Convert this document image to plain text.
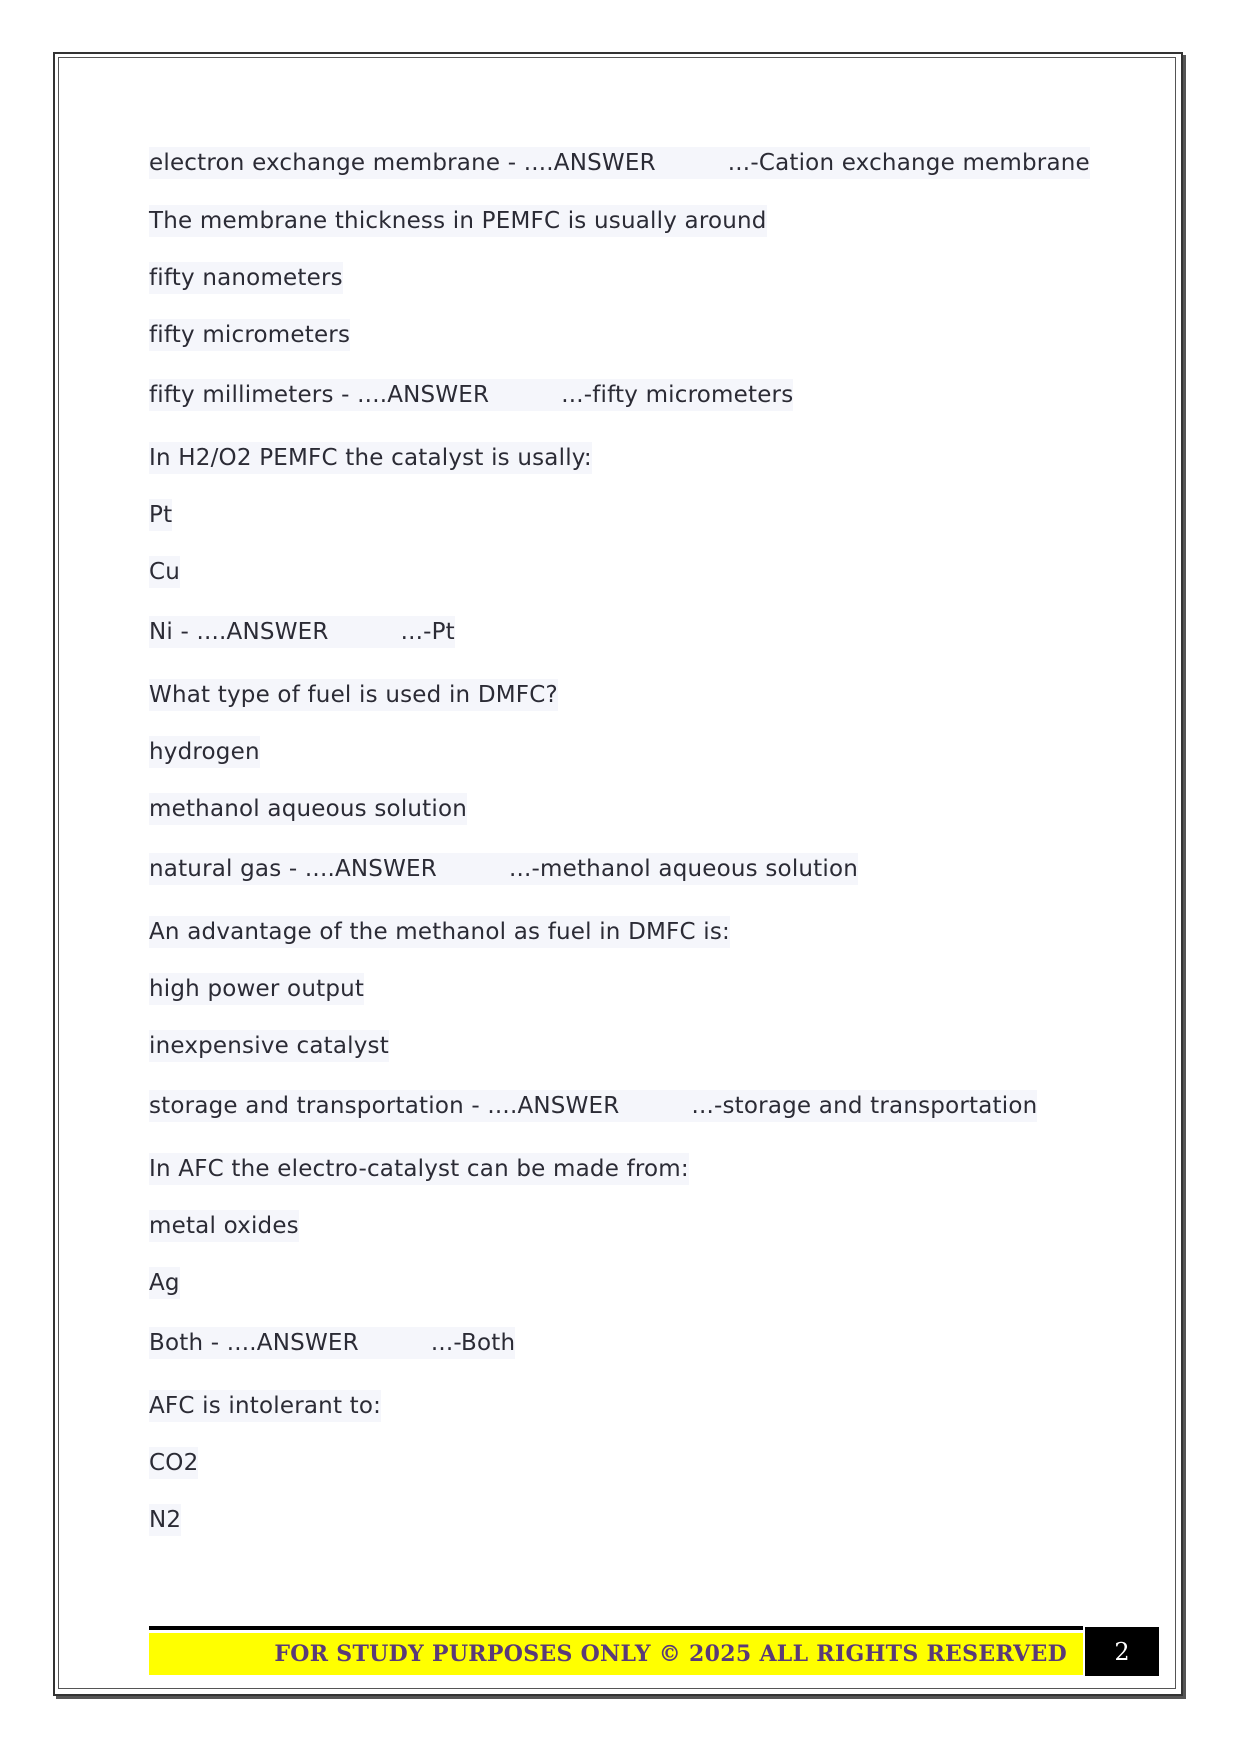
electron exchange membrane - ....ANSWER	...-Cation exchange membrane
The membrane thickness in PEMFC is usually around
fifty nanometers
fifty micrometers
fifty millimeters - ....ANSWER	...-fifty micrometers
In H2/O2 PEMFC the catalyst is usally:
Pt
Cu
Ni - ....ANSWER	...-Pt
What type of fuel is used in DMFC?
hydrogen
methanol aqueous solution
natural gas - ....ANSWER	...-methanol aqueous solution
An advantage of the methanol as fuel in DMFC is:
high power output
inexpensive catalyst
storage and transportation - ....ANSWER	...-storage and transportation
In AFC the electro-catalyst can be made from:
metal oxides
Ag
Both - ....ANSWER	...-Both
AFC is intolerant to:
CO2
N2
FOR STUDY PURPOSES ONLY © 2025 ALL RIGHTS RESERVED	2
